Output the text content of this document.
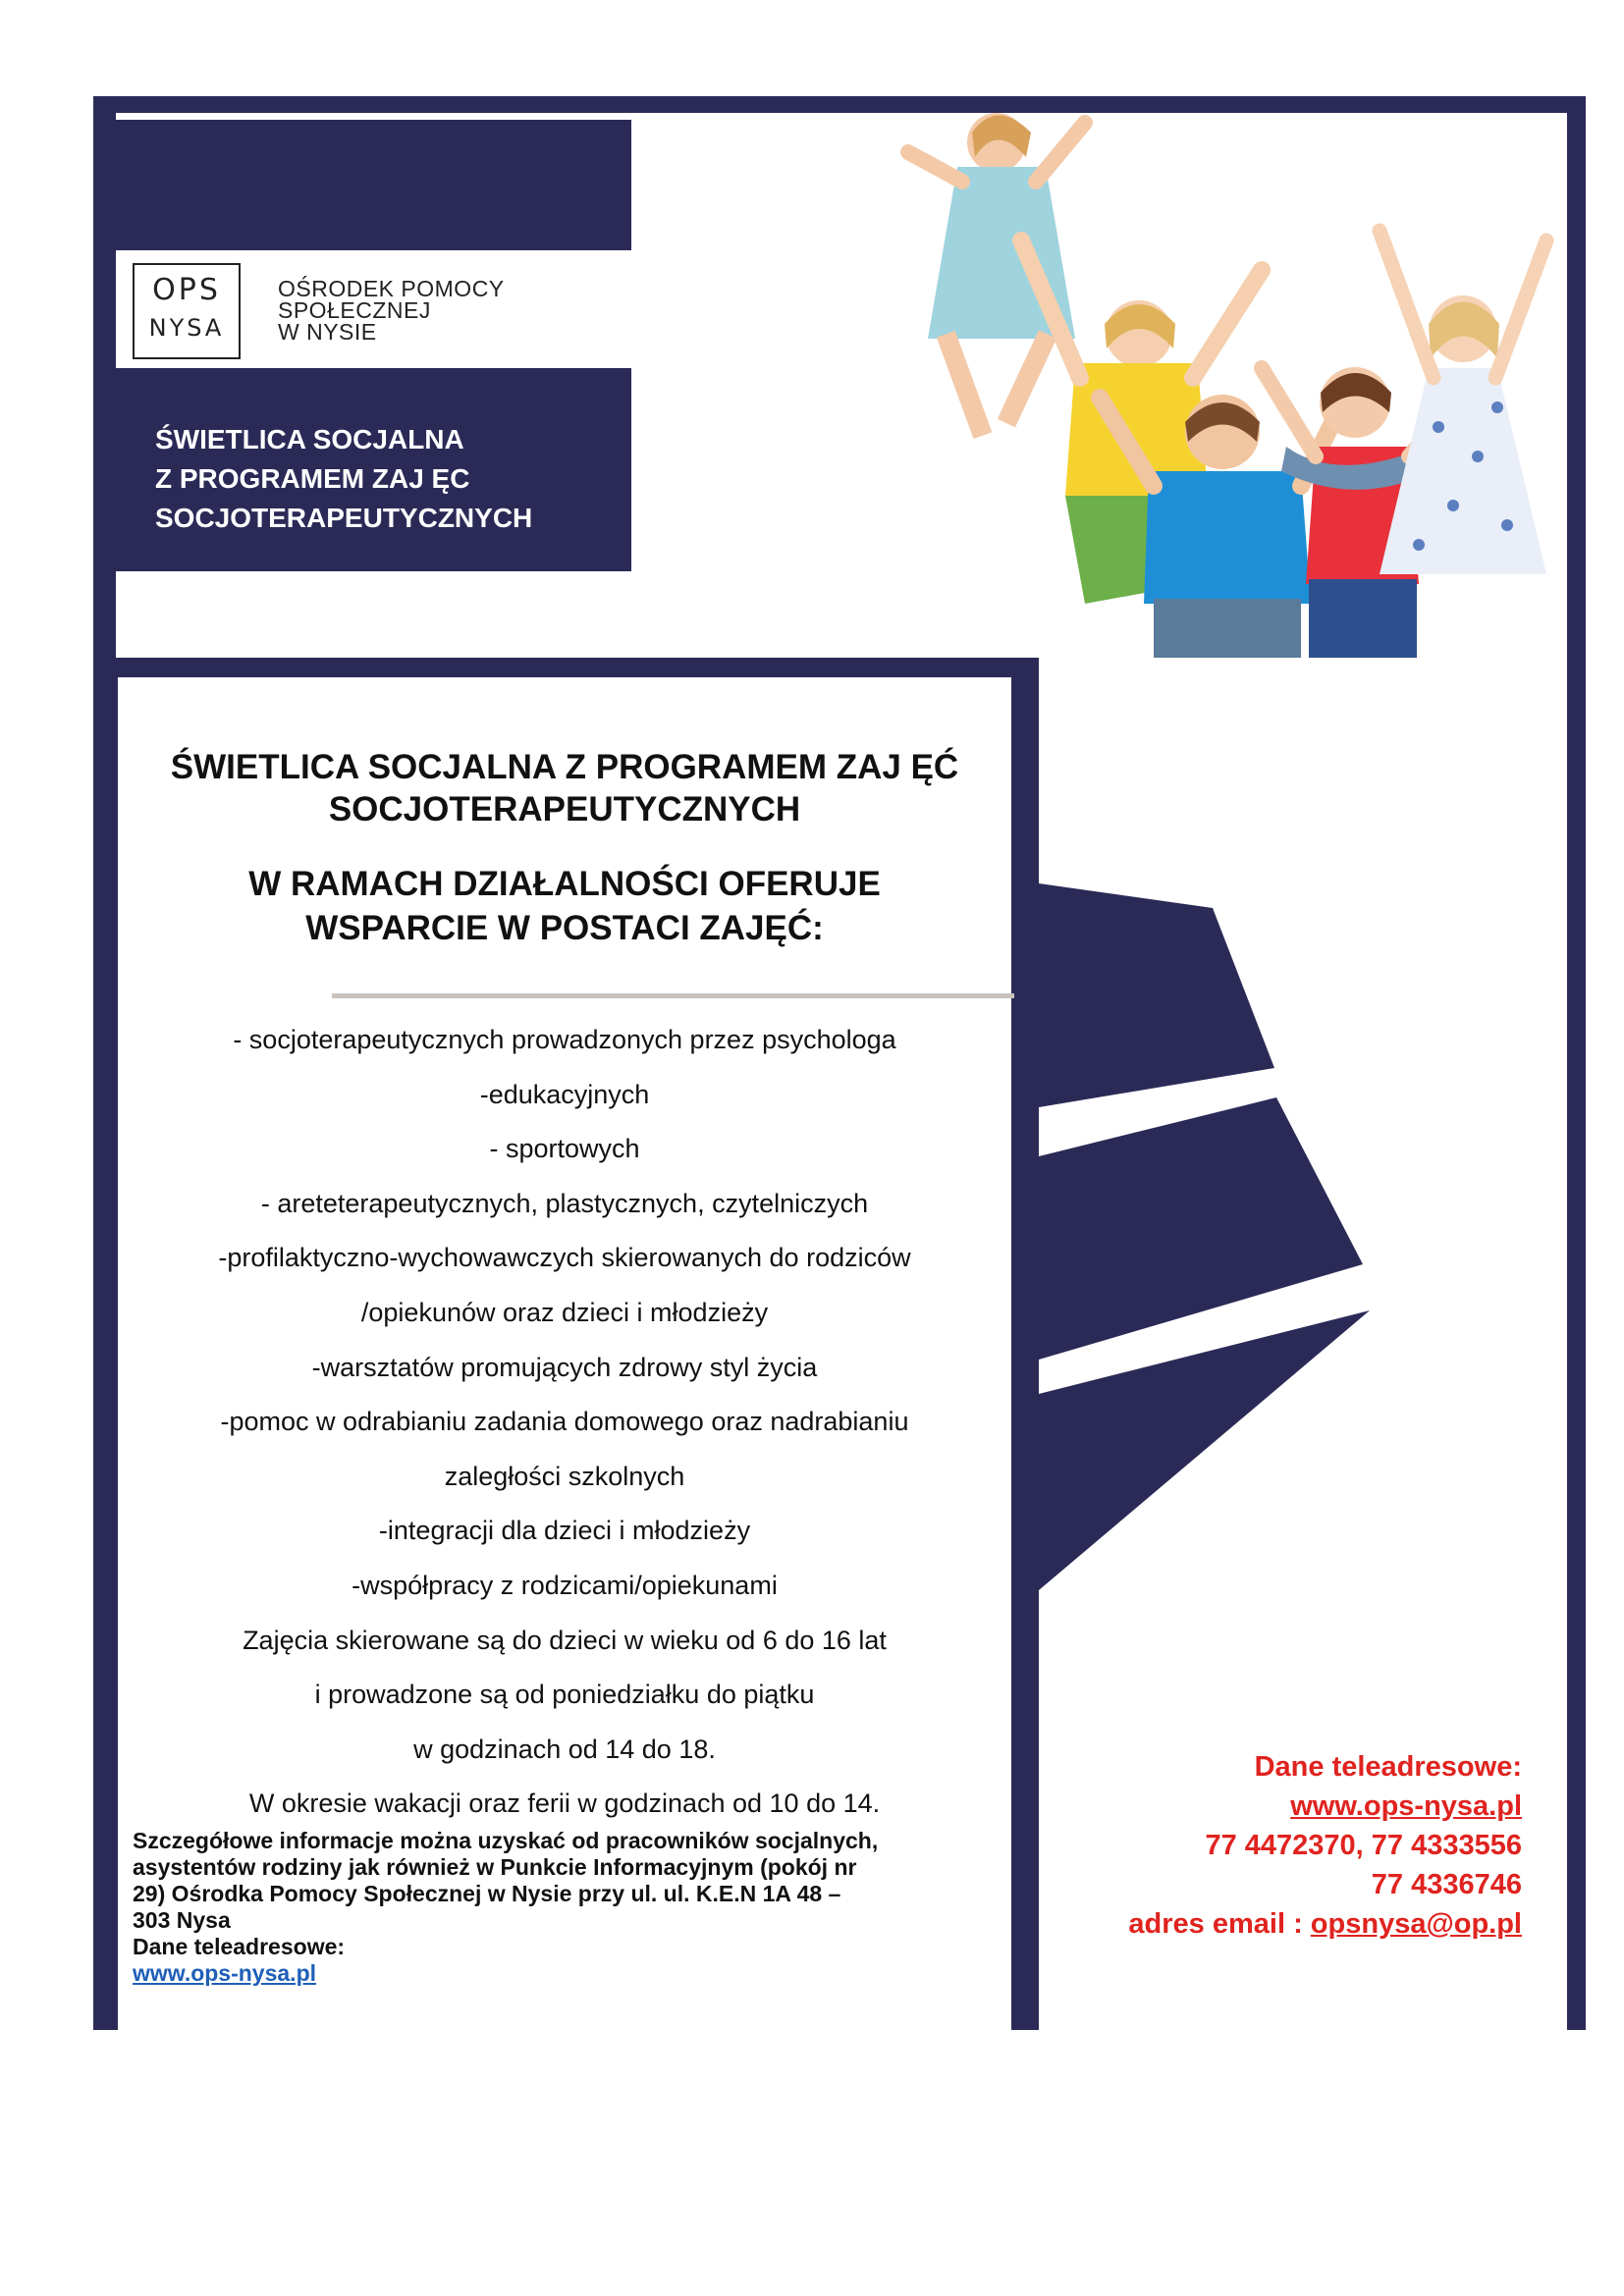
OPS
NYSA
OŚRODEK POMOCY
SPOŁECZNEJ
W NYSIE
ŚWIETLICA SOCJALNA
Z PROGRAMEM ZAJ ĘC
SOCJOTERAPEUTYCZNYCH
ŚWIETLICA SOCJALNA Z PROGRAMEM ZAJ ĘĆ
SOCJOTERAPEUTYCZNYCH
W RAMACH DZIAŁALNOŚCI OFERUJE
WSPARCIE W POSTACI ZAJĘĆ:
- socjoterapeutycznych prowadzonych przez psychologa
-edukacyjnych
- sportowych
- areteterapeutycznych, plastycznych, czytelniczych
-profilaktyczno-wychowawczych skierowanych do rodziców
/opiekunów oraz dzieci i młodzieży
-warsztatów promujących zdrowy styl życia
-pomoc w odrabianiu zadania domowego oraz nadrabianiu
zaległości szkolnych
-integracji dla dzieci i młodzieży
-współpracy z rodzicami/opiekunami
Zajęcia skierowane są do dzieci w wieku od 6 do 16 lat
i prowadzone są od poniedziałku do piątku
w godzinach od 14 do 18.
W okresie wakacji oraz ferii w godzinach od 10 do 14.
Szczegółowe informacje można uzyskać od pracowników socjalnych,
asystentów rodziny jak również w Punkcie Informacyjnym (pokój nr
29) Ośrodka Pomocy Społecznej w Nysie przy ul. ul. K.E.N 1A 48 –
303 Nysa
Dane teleadresowe:
www.ops-nysa.pl
Dane teleadresowe:
www.ops-nysa.pl
77 4472370, 77 4333556
77 4336746
adres email : opsnysa@op.pl
